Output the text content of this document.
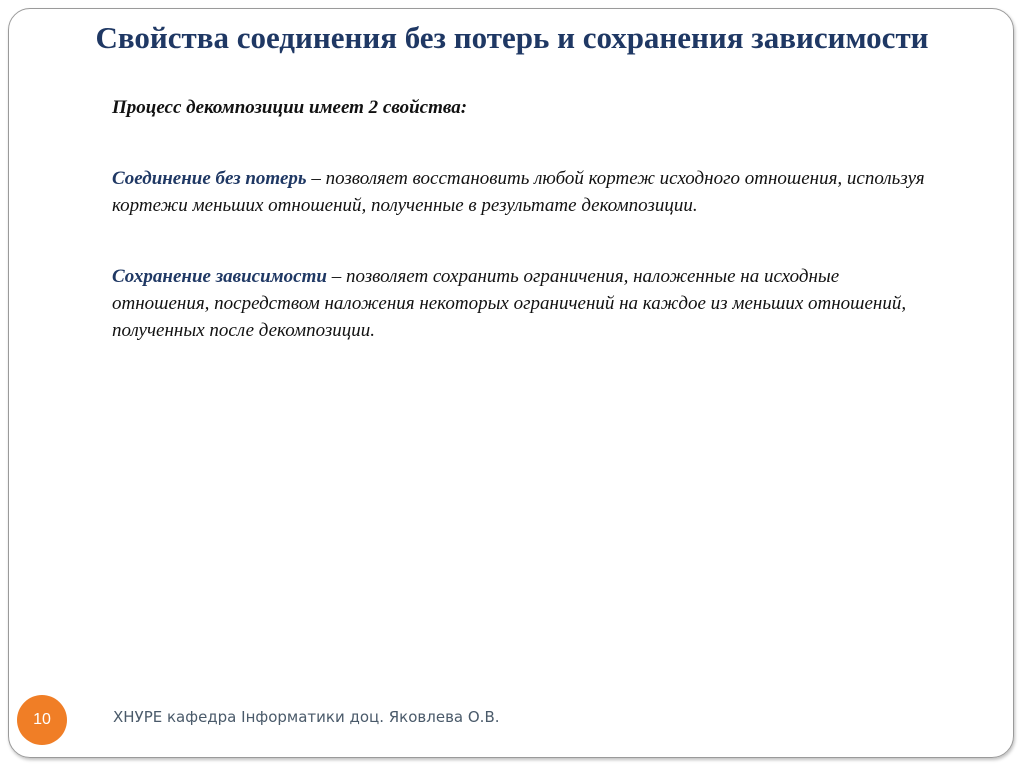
Свойства соединения без потерь и сохранения зависимости

Процесс декомпозиции имеет 2 свойства:

Соединение без потерь – позволяет восстановить любой кортеж исходного отношения, используя кортежи меньших отношений, полученные в результате декомпозиции.

Сохранение зависимости – позволяет сохранить ограничения, наложенные на исходные отношения, посредством наложения некоторых ограничений на каждое из меньших отношений, полученных после декомпозиции.

10	ХНУРЕ кафедра Інформатики доц. Яковлева О.В.
